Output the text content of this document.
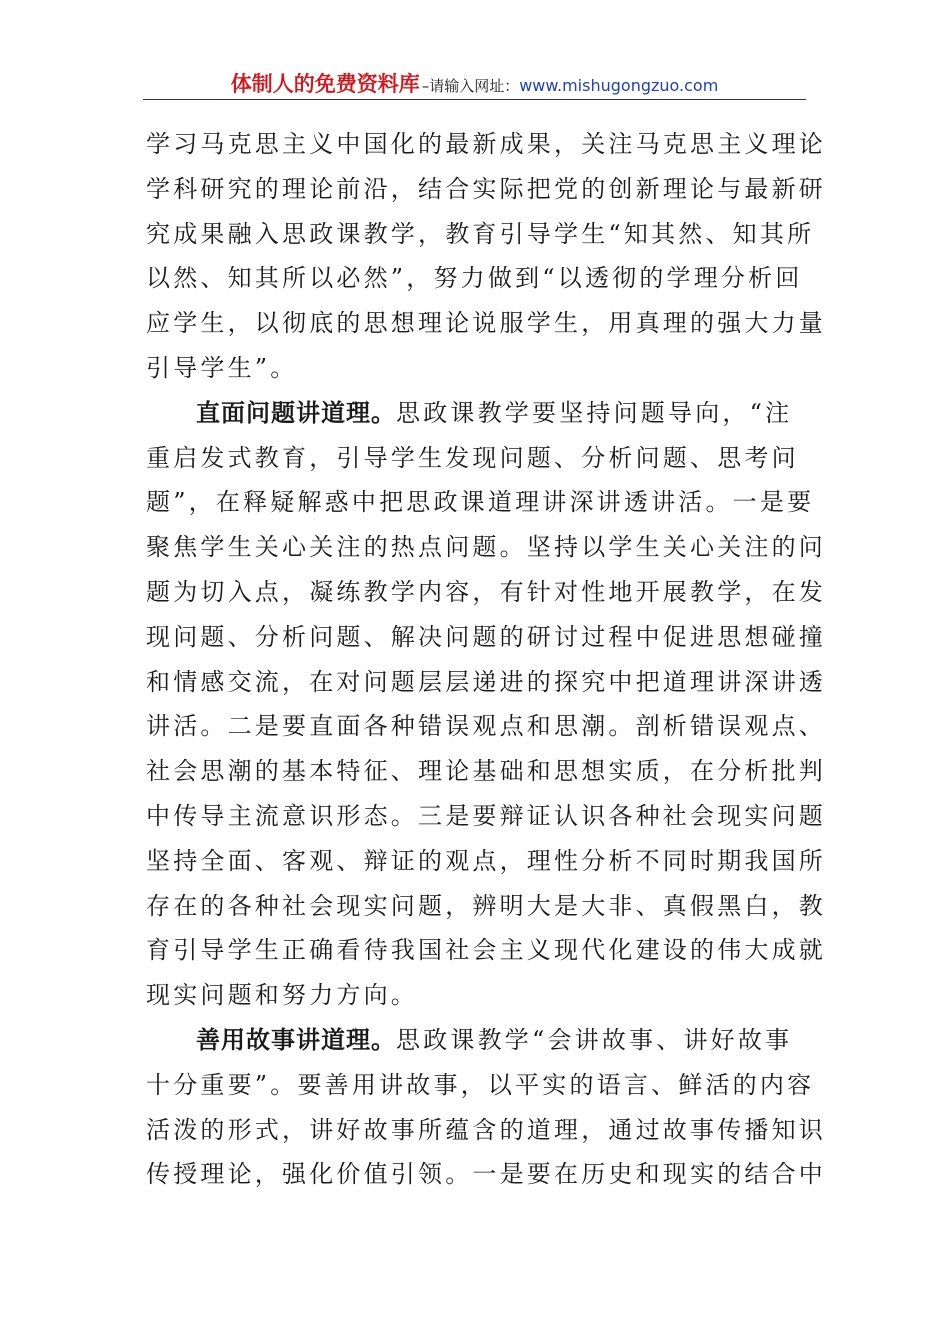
体制人的免费资料库 –请输入网址：www.mishugongzuo.com
学习马克思主义中国化的最新成果，关注马克思主义理论
学科研究的理论前沿，结合实际把党的创新理论与最新研
究成果融入思政课教学，教育引导学生“知其然、知其所
以然、知其所以必然”，努力做到“以透彻的学理分析回
应学生，以彻底的思想理论说服学生，用真理的强大力量
引导学生”。
直面问题讲道理。思政课教学要坚持问题导向，“注
重启发式教育，引导学生发现问题、分析问题、思考问
题”，在释疑解惑中把思政课道理讲深讲透讲活。一是要
聚焦学生关心关注的热点问题。坚持以学生关心关注的问
题为切入点，凝练教学内容，有针对性地开展教学，在发
现问题、分析问题、解决问题的研讨过程中促进思想碰撞
和情感交流，在对问题层层递进的探究中把道理讲深讲透
讲活。二是要直面各种错误观点和思潮。剖析错误观点、
社会思潮的基本特征、理论基础和思想实质，在分析批判
中传导主流意识形态。三是要辩证认识各种社会现实问题
坚持全面、客观、辩证的观点，理性分析不同时期我国所
存在的各种社会现实问题，辨明大是大非、真假黑白，教
育引导学生正确看待我国社会主义现代化建设的伟大成就
现实问题和努力方向。
善用故事讲道理。思政课教学“会讲故事、讲好故事
十分重要”。要善用讲故事，以平实的语言、鲜活的内容
活泼的形式，讲好故事所蕴含的道理，通过故事传播知识
传授理论，强化价值引领。一是要在历史和现实的结合中
